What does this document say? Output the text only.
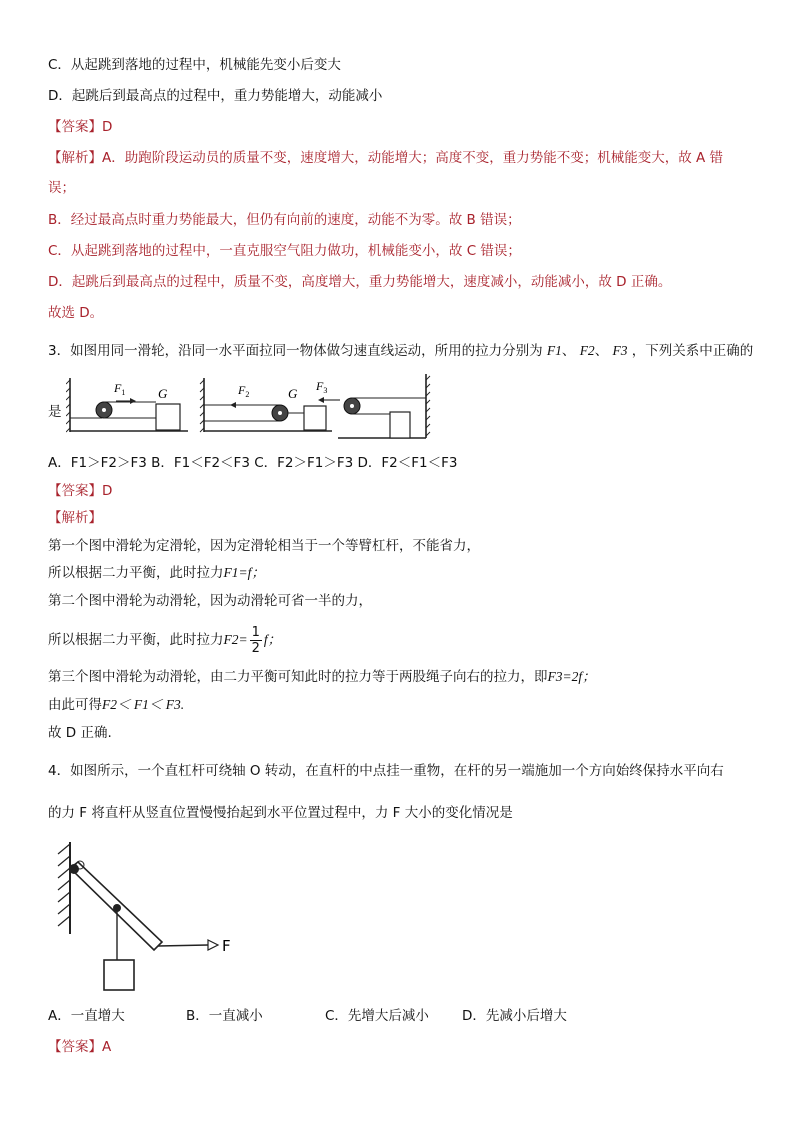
C．从起跳到落地的过程中，机械能先变小后变大
D．起跳后到最高点的过程中，重力势能增大，动能减小
【答案】D
【解析】A．助跑阶段运动员的质量不变，速度增大，动能增大；高度不变，重力势能不变；机械能变大，故 A 错
误；
B．经过最高点时重力势能最大，但仍有向前的速度，动能不为零。故 B 错误；
C．从起跳到落地的过程中，一直克服空气阻力做功，机械能变小，故 C 错误；
D．起跳后到最高点的过程中，质量不变，高度增大，重力势能增大，速度减小，动能减小，故 D 正确。
故选 D。
3．如图用同一滑轮，沿同一水平面拉同一物体做匀速直线运动，所用的拉力分别为 F1、 F2、 F3 ，下列关系中正确的
是
$F_1$	G	$F_2$	G $F_3$
A．F1＞F2＞F3 B．F1＜F2＜F3 C．F2＞F1＞F3 D．F2＜F1＜F3
【答案】D
【解析】
第一个图中滑轮为定滑轮，因为定滑轮相当于一个等臂杠杆，不能省力，
所以根据二力平衡，此时拉力F1=f；
第二个图中滑轮为动滑轮，因为动滑轮可省一半的力，
所以根据二力平衡，此时拉力$F2= \frac{1}{2}$ f；
第三个图中滑轮为动滑轮，由二力平衡可知此时的拉力等于两股绳子向右的拉力，即F3=2f；
由此可得F2＜ F1＜ F3.
故 D 正确.
4．如图所示，一个直杠杆可绕轴 O 转动，在直杆的中点挂一重物，在杆的另一端施加一个方向始终保持水平向右
的力 F 将直杆从竖直位置慢慢抬起到水平位置过程中，力 F 大小的变化情况是
F
A．一直增大	B．一直减小	C．先增大后减小 D．先减小后增大
【答案】A
